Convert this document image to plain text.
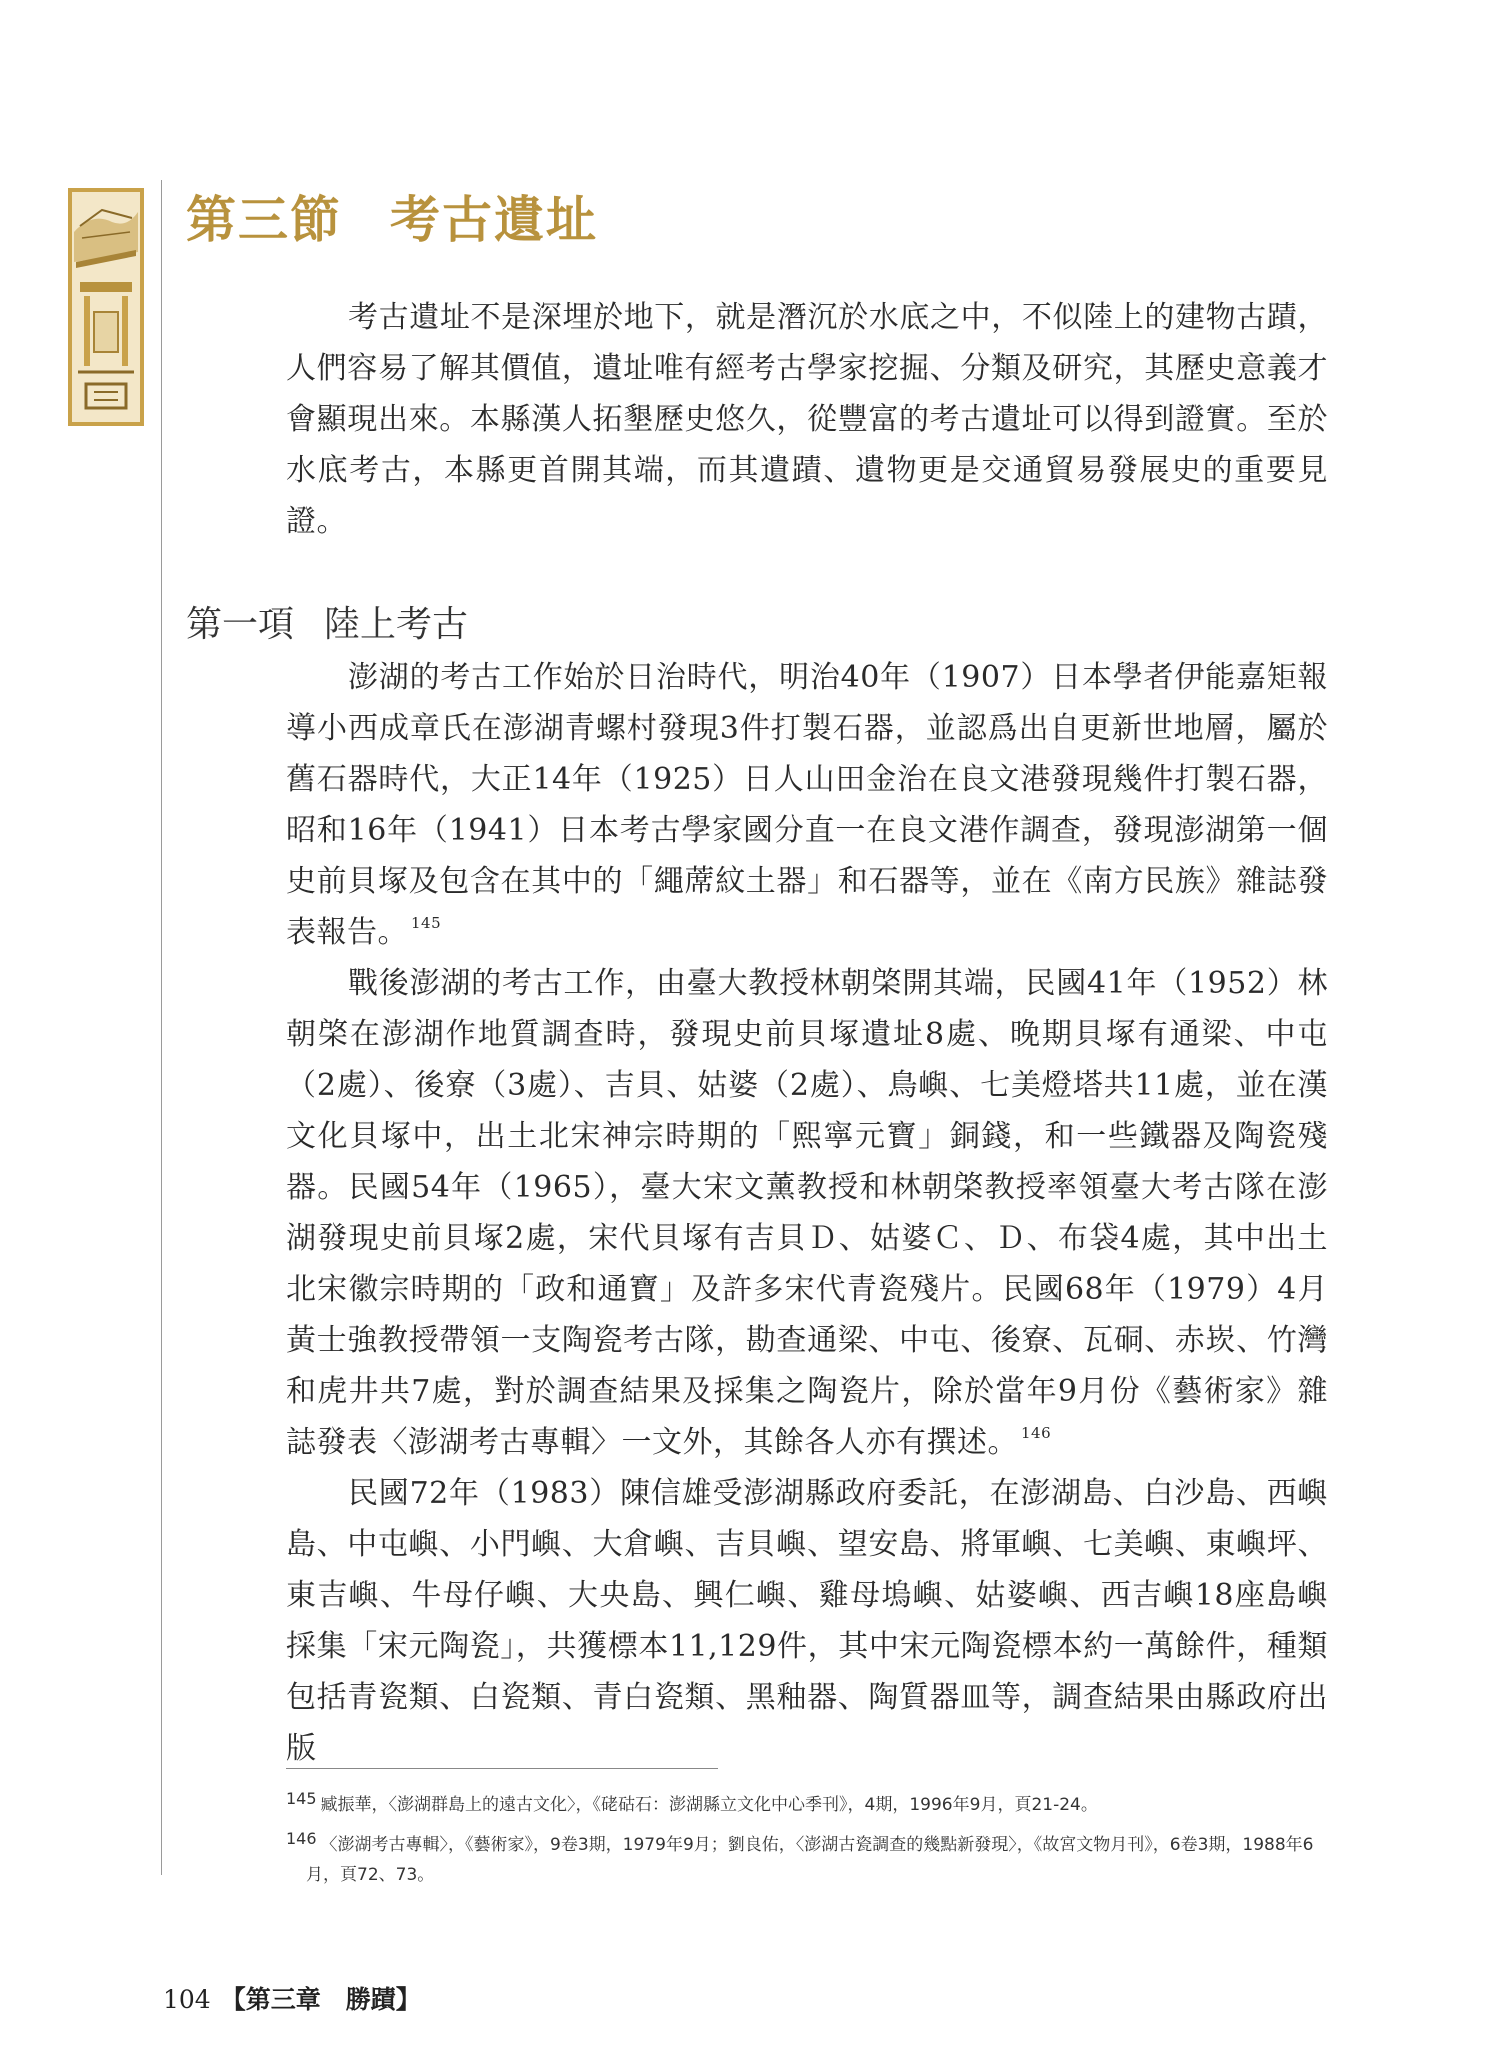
第三節 考古遺址

考古遺址不是深埋於地下，就是潛沉於水底之中，不似陸上的建物古蹟，人們容易了解其價值，遺址唯有經考古學家挖掘、分類及研究，其歷史意義才會顯現出來。本縣漢人拓墾歷史悠久，從豐富的考古遺址可以得到證實。至於水底考古，本縣更首開其端，而其遺蹟、遺物更是交通貿易發展史的重要見證。

第一項 陸上考古

澎湖的考古工作始於日治時代，明治40年（1907）日本學者伊能嘉矩報導小西成章氏在澎湖青螺村發現3件打製石器，並認爲出自更新世地層，屬於舊石器時代，大正14年（1925）日人山田金治在良文港發現幾件打製石器，昭和16年（1941）日本考古學家國分直一在良文港作調查，發現澎湖第一個史前貝塚及包含在其中的「繩蓆紋土器」和石器等，並在《南方民族》雜誌發表報告。 $^{145}$

戰後澎湖的考古工作，由臺大教授林朝棨開其端，民國41年（1952）林朝棨在澎湖作地質調查時，發現史前貝塚遺址8處、晚期貝塚有通梁、中屯（2處）、後寮（3處）、吉貝、姑婆（2處）、鳥嶼、七美燈塔共11處，並在漢文化貝塚中，出土北宋神宗時期的「熙寧元寶」銅錢，和一些鐵器及陶瓷殘器。民國54年（1965），臺大宋文薰教授和林朝棨教授率領臺大考古隊在澎湖發現史前貝塚2處，宋代貝塚有吉貝Ｄ、姑婆Ｃ、Ｄ、布袋4處，其中出土北宋徽宗時期的「政和通寶」及許多宋代青瓷殘片。民國68年（1979）4月黃士強教授帶領一支陶瓷考古隊，勘查通梁、中屯、後寮、瓦硐、赤崁、竹灣和虎井共7處，對於調查結果及採集之陶瓷片，除於當年9月份《藝術家》雜誌發表〈澎湖考古專輯〉一文外，其餘各人亦有撰述。 $^{146}$

民國72年（1983）陳信雄受澎湖縣政府委託，在澎湖島、白沙島、西嶼島、中屯嶼、小門嶼、大倉嶼、吉貝嶼、望安島、將軍嶼、七美嶼、東嶼坪、東吉嶼、牛母仔嶼、大央島、興仁嶼、雞母塢嶼、姑婆嶼、西吉嶼18座島嶼採集「宋元陶瓷」，共獲標本11,129件，其中宋元陶瓷標本約一萬餘件，種類包括青瓷類、白瓷類、青白瓷類、黑釉器、陶質器皿等，調查結果由縣政府出版

145 臧振華，〈澎湖群島上的遠古文化〉，《硓𥑮石：澎湖縣立文化中心季刊》，4期，1996年9月，頁21-24。
146 〈澎湖考古專輯〉，《藝術家》，9卷3期，1979年9月；劉良佑，〈澎湖古瓷調查的幾點新發現〉，《故宮文物月刊》，6卷3期，1988年6月，頁72、73。
104 【第三章　勝蹟】
